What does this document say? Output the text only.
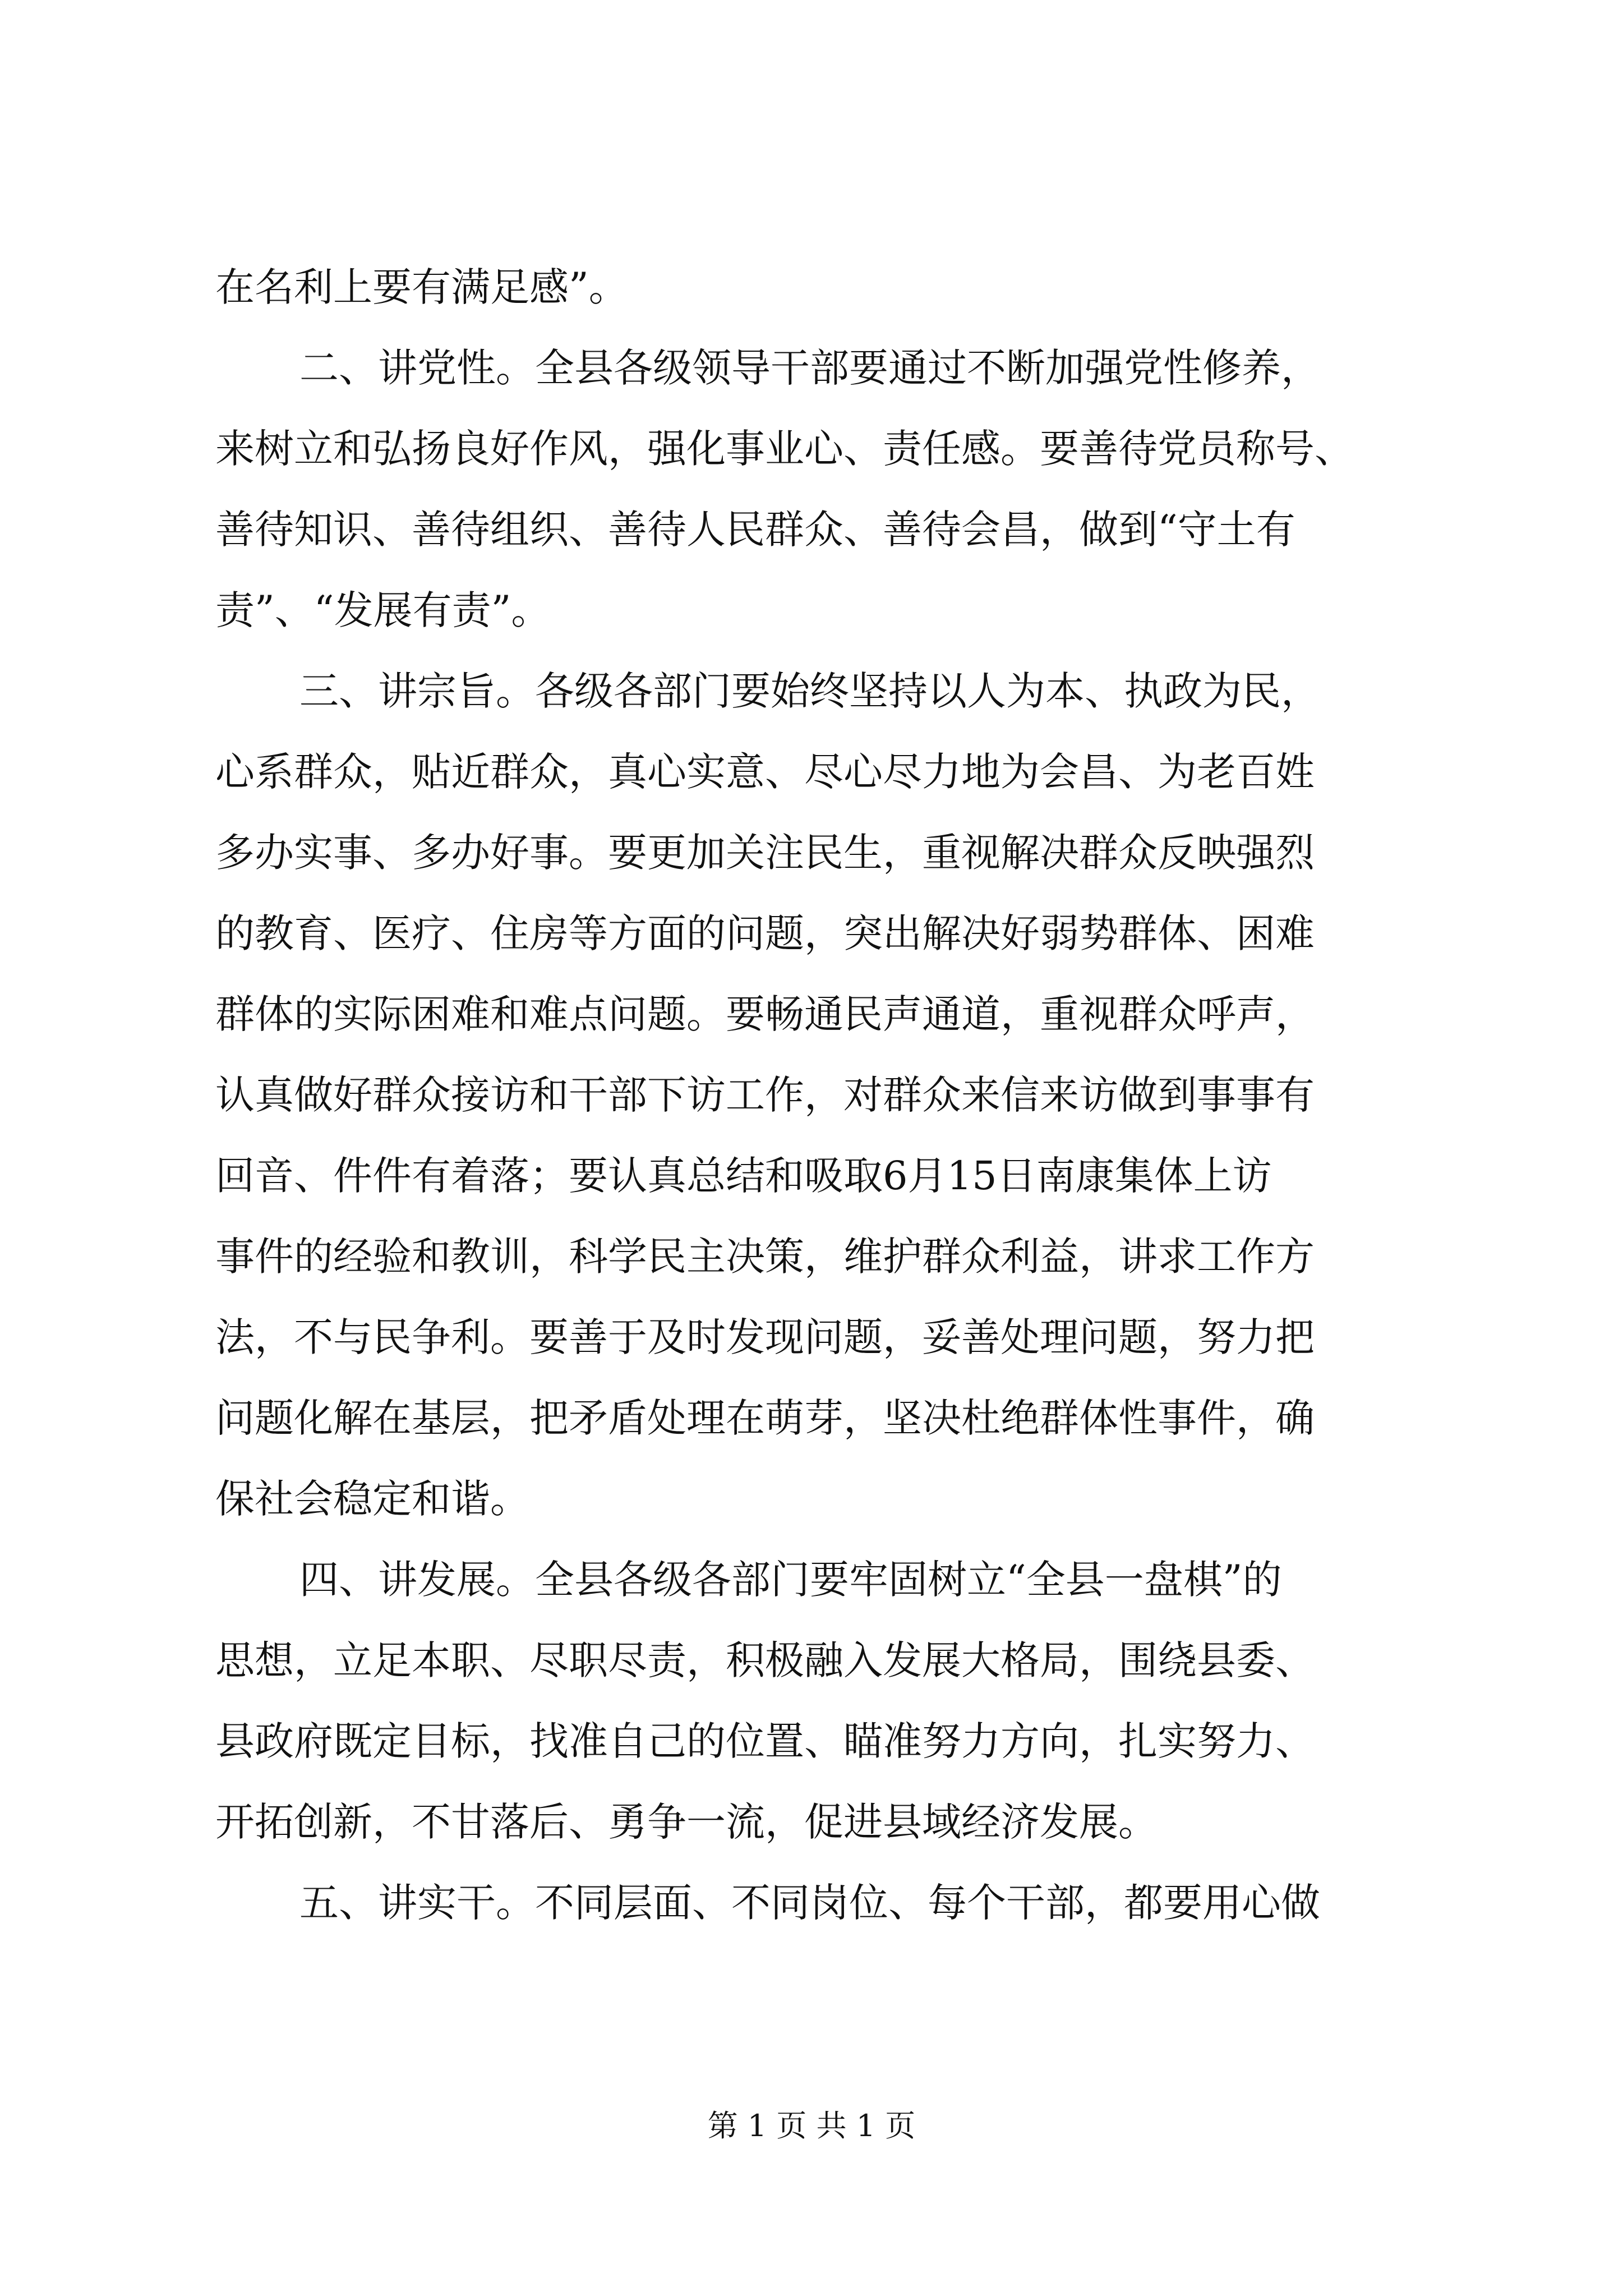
在名利上要有满足感”。
二、讲党性。全县各级领导干部要通过不断加强党性修养，
来树立和弘扬良好作风，强化事业心、责任感。要善待党员称号、
善待知识、善待组织、善待人民群众、善待会昌，做到“守土有
责”、“发展有责”。
三、讲宗旨。各级各部门要始终坚持以人为本、执政为民，
心系群众，贴近群众，真心实意、尽心尽力地为会昌、为老百姓
多办实事、多办好事。要更加关注民生，重视解决群众反映强烈
的教育、医疗、住房等方面的问题，突出解决好弱势群体、困难
群体的实际困难和难点问题。要畅通民声通道，重视群众呼声，
认真做好群众接访和干部下访工作，对群众来信来访做到事事有
回音、件件有着落；要认真总结和吸取6月15日南康集体上访
事件的经验和教训，科学民主决策，维护群众利益，讲求工作方
法，不与民争利。要善于及时发现问题，妥善处理问题，努力把
问题化解在基层，把矛盾处理在萌芽，坚决杜绝群体性事件，确
保社会稳定和谐。
四、讲发展。全县各级各部门要牢固树立“全县一盘棋”的
思想，立足本职、尽职尽责，积极融入发展大格局，围绕县委、
县政府既定目标，找准自己的位置、瞄准努力方向，扎实努力、
开拓创新，不甘落后、勇争一流，促进县域经济发展。
五、讲实干。不同层面、不同岗位、每个干部，都要用心做
第 1 页 共 1 页
